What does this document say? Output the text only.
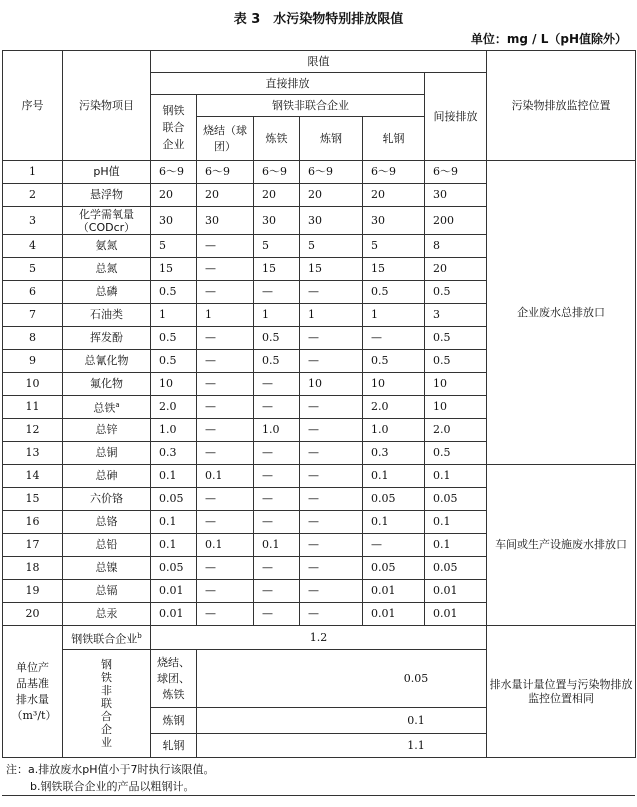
表 3　水污染物特别排放限值
单位：mg / L（pH值除外）
序号	污染物项目	限值						污染物排放监控位置
		直接排放					间接排放	

		钢铁联合企业	钢铁非联合企业					

			烧结（球团）	炼铁	炼钢	轧钢		

1	pH值	6～9	6～9	6～9	6～9	6～9	6～9	企业废水总排放口
2	悬浮物	20	20	20	20	20	30	
3	化学需氧量（CODcr）	30	30	30	30	30	200	
4	氨氮	5	—	5	5	5	8	
5	总氮	15	—	15	15	15	20	
6	总磷	0.5	—	—	—	0.5	0.5	
7	石油类	1	1	1	1	1	3	
8	挥发酚	0.5	—	0.5	—	—	0.5	
9	总氰化物	0.5	—	0.5	—	0.5	0.5	
10	氟化物	10	—	—	10	10	10	
11	总铁$^a$	2.0	—	—	—	2.0	10	
12	总锌	1.0	—	1.0	—	1.0	2.0	
13	总铜	0.3	—	—	—	0.3	0.5	
14	总砷	0.1	0.1	—	—	0.1	0.1	车间或生产设施废水排放口
15	六价铬	0.05	—	—	—	0.05	0.05	
16	总铬	0.1	—	—	—	0.1	0.1	
17	总铅	0.1	0.1	0.1	—	—	0.1	
18	总镍	0.05	—	—	—	0.05	0.05	
19	总镉	0.01	—	—	—	0.01	0.01	
20	总汞	0.01	—	—	—	0.01	0.01	

单位产品基准排水量（m³/t）	钢铁联合企业$^b$	1.2						排水量计量位置与污染物排放监控位置相同

	钢铁非联合企业	烧结、球团、炼铁	0.05					
		炼钢	0.1					
		轧钢	1.1					
注：a.排放废水pH值小于7时执行该限值。
b.钢铁联合企业的产品以粗钢计。
